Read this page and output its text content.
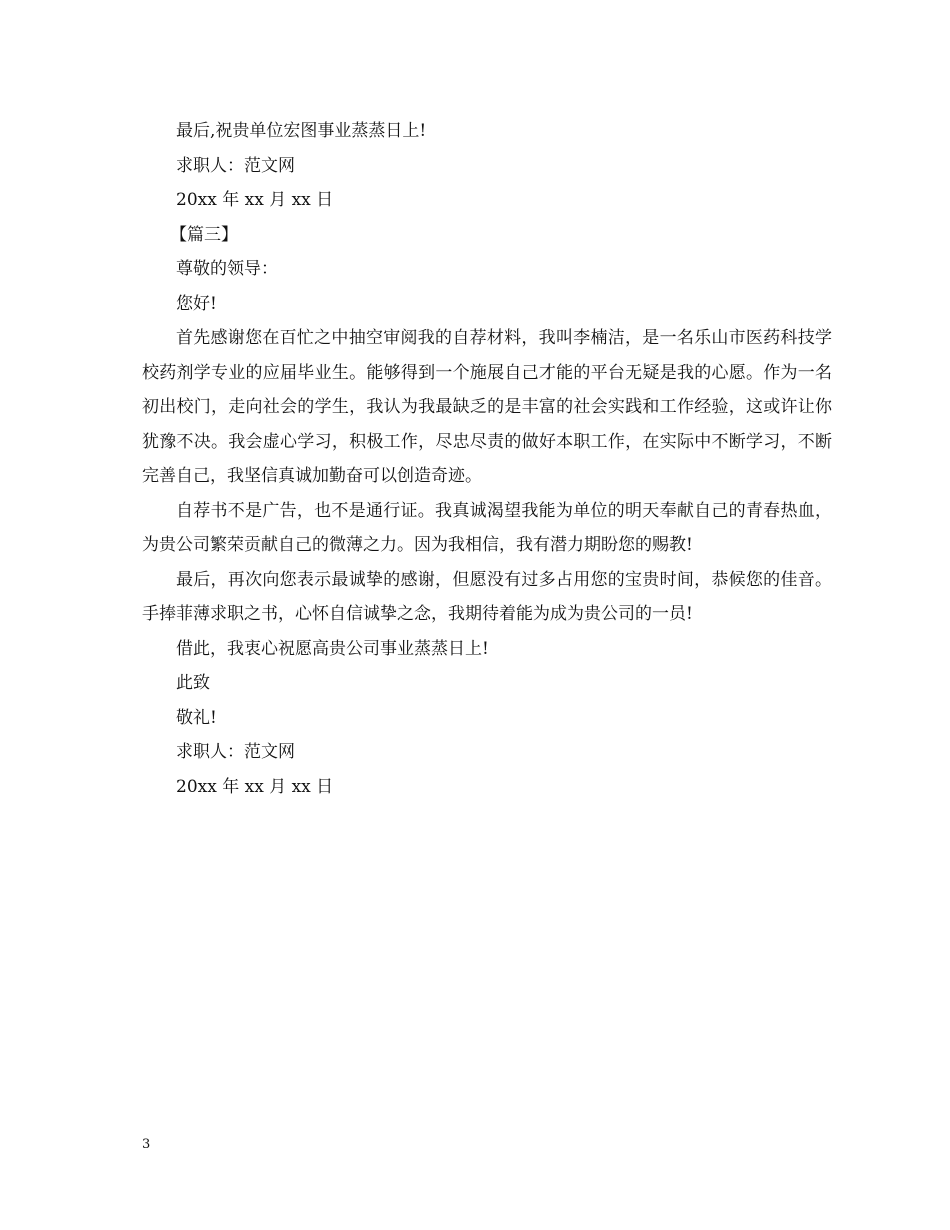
最后,祝贵单位宏图事业蒸蒸日上!

求职人：范文网

20xx 年 xx 月 xx 日

【篇三】

尊敬的领导：

您好!

首先感谢您在百忙之中抽空审阅我的自荐材料，我叫李楠洁，是一名乐山市医药科技学校药剂学专业的应届毕业生。能够得到一个施展自己才能的平台无疑是我的心愿。作为一名初出校门，走向社会的学生，我认为我最缺乏的是丰富的社会实践和工作经验，这或许让你犹豫不决。我会虚心学习，积极工作，尽忠尽责的做好本职工作，在实际中不断学习，不断完善自己，我坚信真诚加勤奋可以创造奇迹。

自荐书不是广告，也不是通行证。我真诚渴望我能为单位的明天奉献自己的青春热血，为贵公司繁荣贡献自己的微薄之力。因为我相信，我有潜力期盼您的赐教!

最后，再次向您表示最诚挚的感谢，但愿没有过多占用您的宝贵时间，恭候您的佳音。手捧菲薄求职之书，心怀自信诚挚之念，我期待着能为成为贵公司的一员!

借此，我衷心祝愿高贵公司事业蒸蒸日上!

此致

敬礼!

求职人：范文网

20xx 年 xx 月 xx 日

3
